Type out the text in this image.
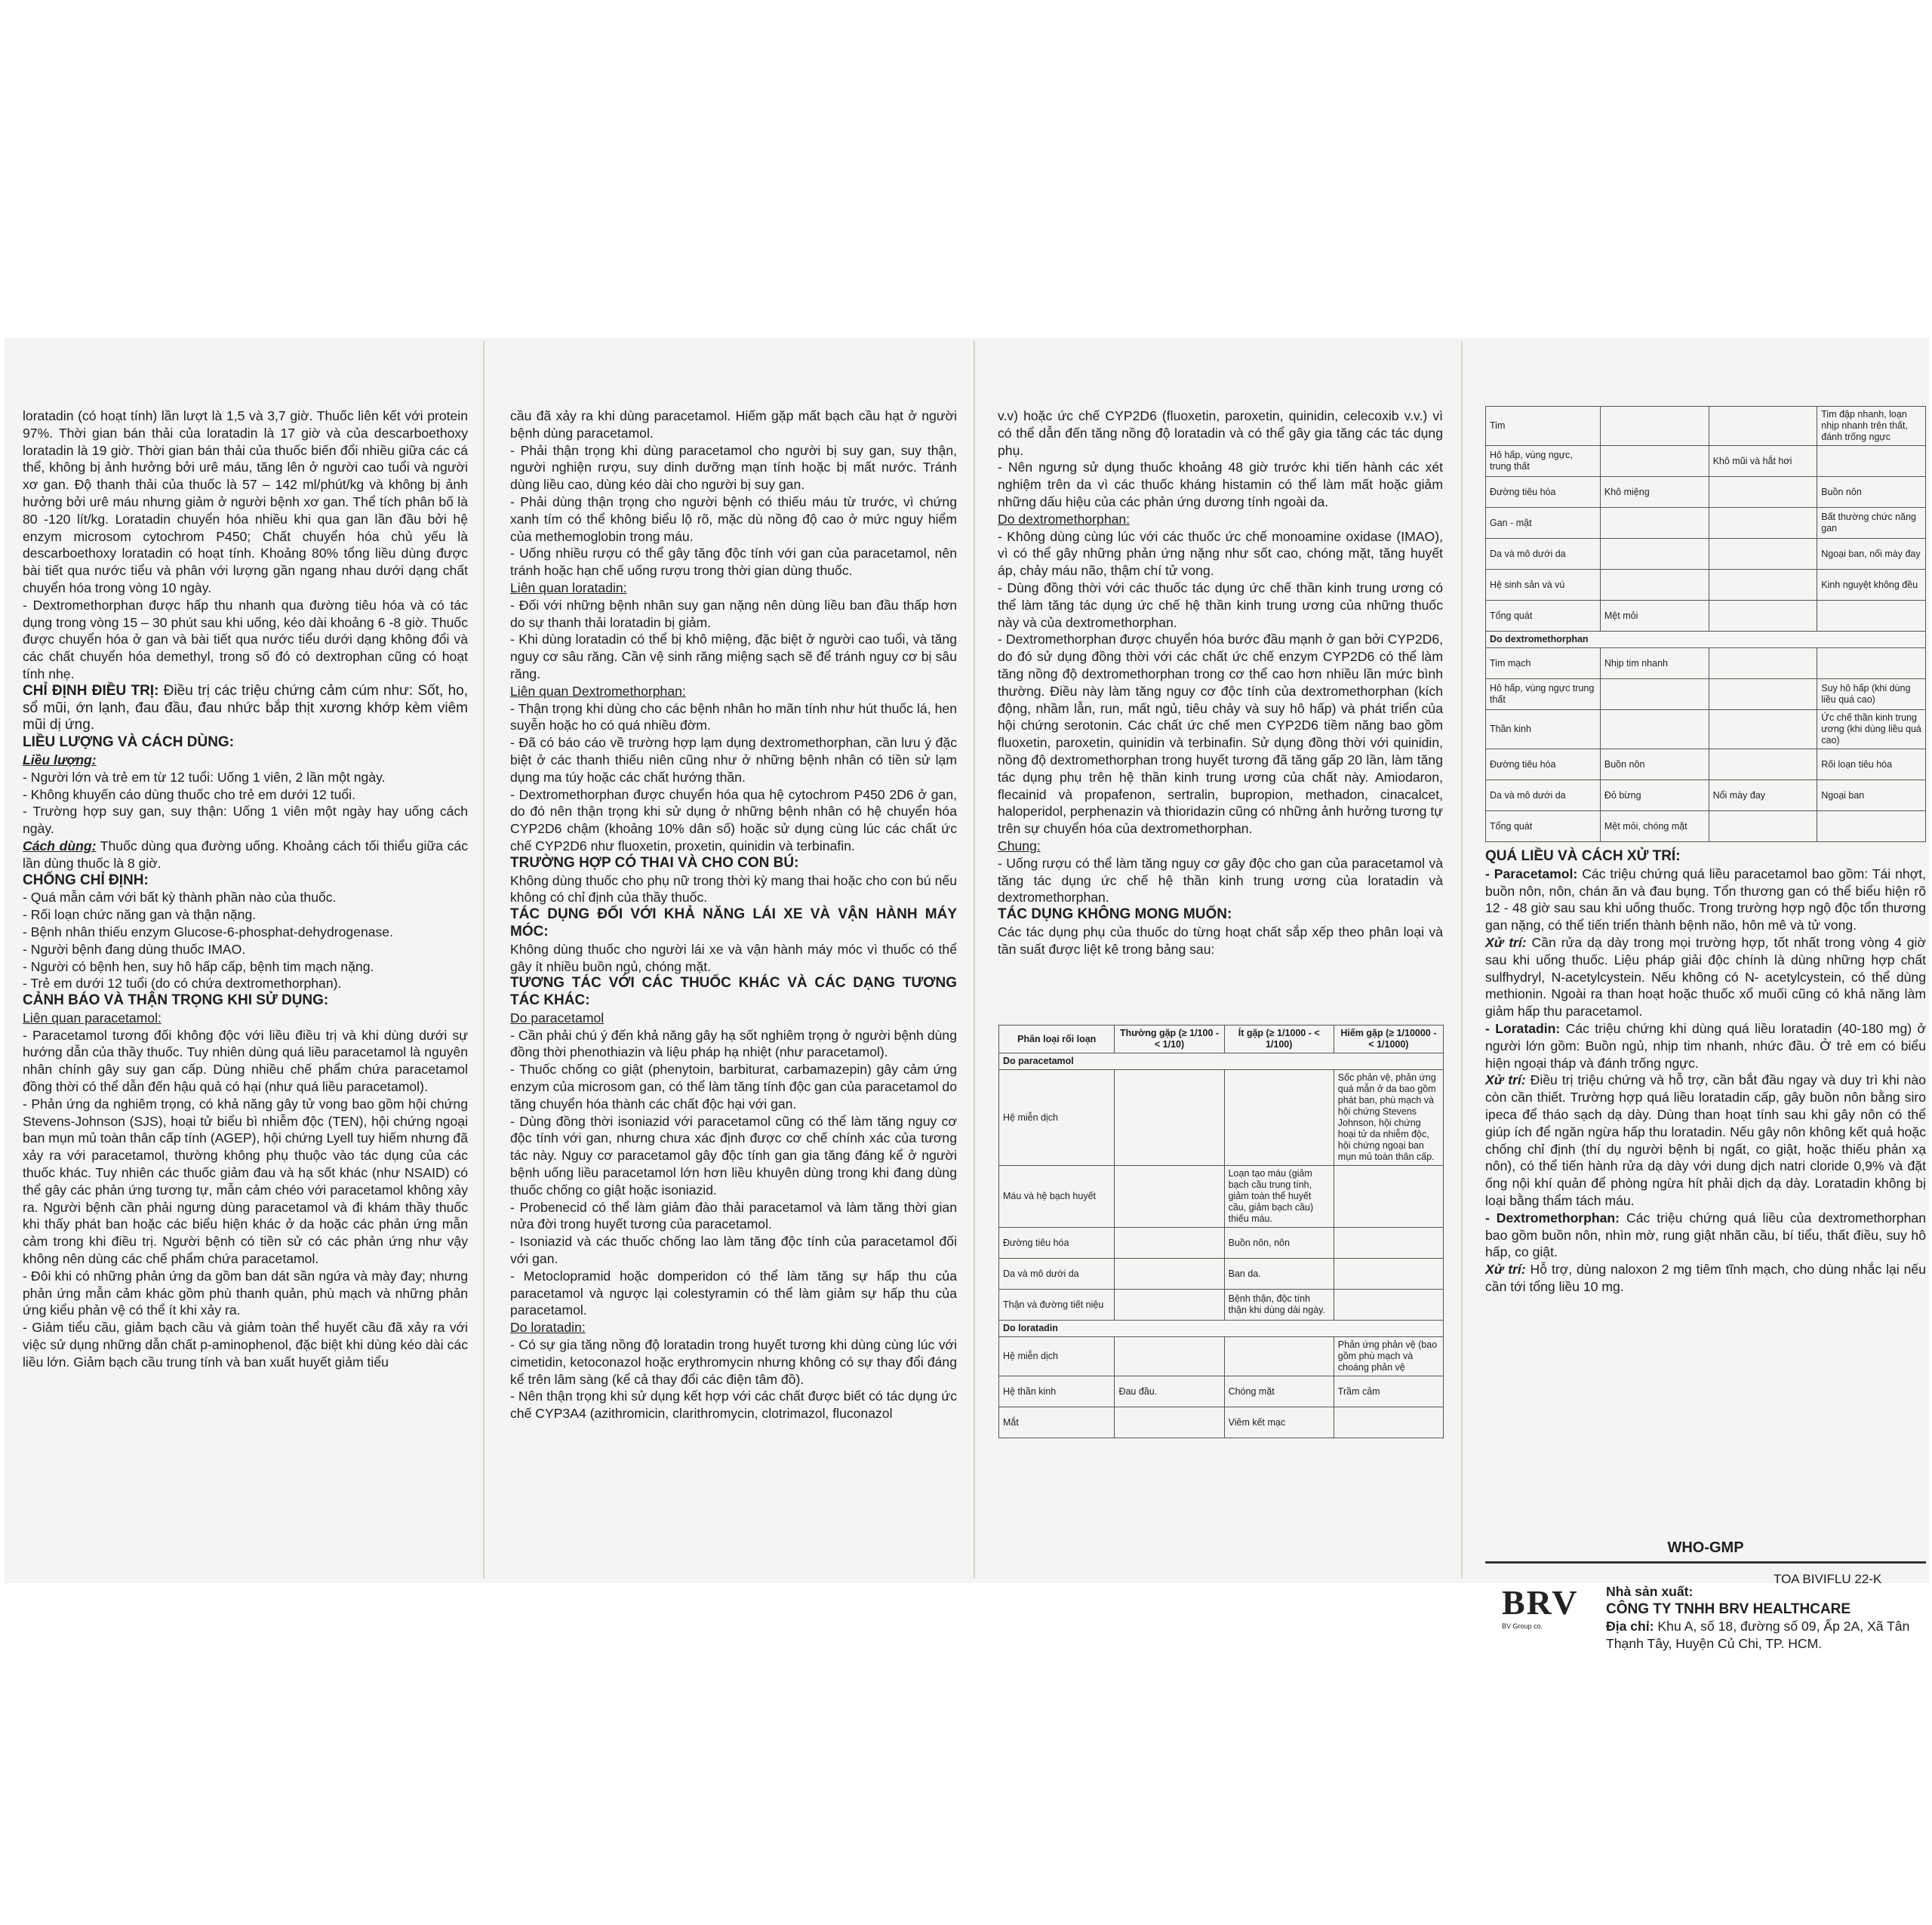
loratadin (có hoạt tính) lần lượt là 1,5 và 3,7 giờ. Thuốc liên kết với protein 97%. Thời gian bán thải của loratadin là 17 giờ và của descarboethoxy loratadin là 19 giờ. Thời gian bán thải của thuốc biến đổi nhiều giữa các cá thể, không bị ảnh hưởng bởi urê máu, tăng lên ở người cao tuổi và người xơ gan. Độ thanh thải của thuốc là 57 – 142 ml/phút/kg và không bị ảnh hưởng bởi urê máu nhưng giảm ở người bệnh xơ gan. Thể tích phân bố là 80 -120 lít/kg. Loratadin chuyển hóa nhiều khi qua gan lần đầu bởi hệ enzym microsom cytochrom P450; Chất chuyển hóa chủ yếu là descarboethoxy loratadin có hoạt tính. Khoảng 80% tổng liều dùng được bài tiết qua nước tiểu và phân với lượng gần ngang nhau dưới dạng chất chuyển hóa trong vòng 10 ngày.

- Dextromethorphan được hấp thu nhanh qua đường tiêu hóa và có tác dụng trong vòng 15 – 30 phút sau khi uống, kéo dài khoảng 6 -8 giờ. Thuốc được chuyển hóa ở gan và bài tiết qua nước tiểu dưới dạng không đổi và các chất chuyển hóa demethyl, trong số đó có dextrophan cũng có hoạt tính nhẹ.

CHỈ ĐỊNH ĐIỀU TRỊ: Điều trị các triệu chứng cảm cúm như: Sốt, ho, sổ mũi, ớn lạnh, đau đầu, đau nhức bắp thịt xương khớp kèm viêm mũi dị ứng.

LIỀU LƯỢNG VÀ CÁCH DÙNG:

Liều lượng:

- Người lớn và trẻ em từ 12 tuổi: Uống 1 viên, 2 lần một ngày.

- Không khuyến cáo dùng thuốc cho trẻ em dưới 12 tuổi.

- Trường hợp suy gan, suy thận: Uống 1 viên một ngày hay uống cách ngày.

Cách dùng: Thuốc dùng qua đường uống. Khoảng cách tối thiểu giữa các lần dùng thuốc là 8 giờ.

CHỐNG CHỈ ĐỊNH:

- Quá mẫn cảm với bất kỳ thành phần nào của thuốc.

- Rối loạn chức năng gan và thận nặng.

- Bệnh nhân thiếu enzym Glucose-6-phosphat-dehydrogenase.

- Người bệnh đang dùng thuốc IMAO.

- Người có bệnh hen, suy hô hấp cấp, bệnh tim mạch nặng.

- Trẻ em dưới 12 tuổi (do có chứa dextromethorphan).

CẢNH BÁO VÀ THẬN TRỌNG KHI SỬ DỤNG:

Liên quan paracetamol:

- Paracetamol tương đối không độc với liều điều trị và khi dùng dưới sự hướng dẫn của thầy thuốc. Tuy nhiên dùng quá liều paracetamol là nguyên nhân chính gây suy gan cấp. Dùng nhiều chế phẩm chứa paracetamol đồng thời có thể dẫn đến hậu quả có hại (như quá liều paracetamol).

- Phản ứng da nghiêm trọng, có khả năng gây tử vong bao gồm hội chứng Stevens-Johnson (SJS), hoại tử biểu bì nhiễm độc (TEN), hội chứng ngoại ban mụn mủ toàn thân cấp tính (AGEP), hội chứng Lyell tuy hiếm nhưng đã xảy ra với paracetamol, thường không phụ thuộc vào tác dụng của các thuốc khác. Tuy nhiên các thuốc giảm đau và hạ sốt khác (như NSAID) có thể gây các phản ứng tương tự, mẫn cảm chéo với paracetamol không xảy ra. Người bệnh cần phải ngưng dùng paracetamol và đi khám thầy thuốc khi thấy phát ban hoặc các biểu hiện khác ở da hoặc các phản ứng mẫn cảm trong khi điều trị. Người bệnh có tiền sử có các phản ứng như vậy không nên dùng các chế phẩm chứa paracetamol.

- Đôi khi có những phản ứng da gồm ban dát sần ngứa và mày đay; nhưng phản ứng mẫn cảm khác gồm phù thanh quản, phù mạch và những phản ứng kiểu phản vệ có thể ít khi xảy ra.

- Giảm tiểu cầu, giảm bạch cầu và giảm toàn thể huyết cầu đã xảy ra với việc sử dụng những dẫn chất p-aminophenol, đặc biệt khi dùng kéo dài các liều lớn. Giảm bạch cầu trung tính và ban xuất huyết giảm tiểu

cầu đã xảy ra khi dùng paracetamol. Hiếm gặp mất bạch cầu hạt ở người bệnh dùng paracetamol.

- Phải thận trọng khi dùng paracetamol cho người bị suy gan, suy thận, người nghiện rượu, suy dinh dưỡng mạn tính hoặc bị mất nước. Tránh dùng liều cao, dùng kéo dài cho người bị suy gan.

- Phải dùng thận trọng cho người bệnh có thiếu máu từ trước, vì chứng xanh tím có thể không biểu lộ rõ, mặc dù nồng độ cao ở mức nguy hiểm của methemoglobin trong máu.

- Uống nhiều rượu có thể gây tăng độc tính với gan của paracetamol, nên tránh hoặc hạn chế uống rượu trong thời gian dùng thuốc.

Liên quan loratadin:

- Đối với những bệnh nhân suy gan nặng nên dùng liều ban đầu thấp hơn do sự thanh thải loratadin bị giảm.

- Khi dùng loratadin có thể bị khô miệng, đặc biệt ở người cao tuổi, và tăng nguy cơ sâu răng. Cần vệ sinh răng miệng sạch sẽ để tránh nguy cơ bị sâu răng.

Liên quan Dextromethorphan:

- Thận trọng khi dùng cho các bệnh nhân ho mãn tính như hút thuốc lá, hen suyễn hoặc ho có quá nhiều đờm.

- Đã có báo cáo về trường hợp lạm dụng dextromethorphan, cần lưu ý đặc biệt ở các thanh thiếu niên cũng như ở những bệnh nhân có tiền sử lạm dụng ma túy hoặc các chất hướng thần.

- Dextromethorphan được chuyển hóa qua hệ cytochrom P450 2D6 ở gan, do đó nên thận trọng khi sử dụng ở những bệnh nhân có hệ chuyển hóa CYP2D6 chậm (khoảng 10% dân số) hoặc sử dụng cùng lúc các chất ức chế CYP2D6 như fluoxetin, proxetin, quinidin và terbinafin.

TRƯỜNG HỢP CÓ THAI VÀ CHO CON BÚ:

Không dùng thuốc cho phụ nữ trong thời kỳ mang thai hoặc cho con bú nếu không có chỉ định của thầy thuốc.

TÁC DỤNG ĐỐI VỚI KHẢ NĂNG LÁI XE VÀ VẬN HÀNH MÁY MÓC:

Không dùng thuốc cho người lái xe và vận hành máy móc vì thuốc có thể gây ít nhiều buồn ngủ, chóng mặt.

TƯƠNG TÁC VỚI CÁC THUỐC KHÁC VÀ CÁC DẠNG TƯƠNG TÁC KHÁC:

Do paracetamol

- Cần phải chú ý đến khả năng gây hạ sốt nghiêm trọng ở người bệnh dùng đồng thời phenothiazin và liệu pháp hạ nhiệt (như paracetamol).

- Thuốc chống co giật (phenytoin, barbiturat, carbamazepin) gây cảm ứng enzym của microsom gan, có thể làm tăng tính độc gan của paracetamol do tăng chuyển hóa thành các chất độc hại với gan.

- Dùng đồng thời isoniazid với paracetamol cũng có thể làm tăng nguy cơ độc tính với gan, nhưng chưa xác định được cơ chế chính xác của tương tác này. Nguy cơ paracetamol gây độc tính gan gia tăng đáng kể ở người bệnh uống liều paracetamol lớn hơn liều khuyên dùng trong khi đang dùng thuốc chống co giật hoặc isoniazid.

- Probenecid có thể làm giảm đào thải paracetamol và làm tăng thời gian nửa đời trong huyết tương của paracetamol.

- Isoniazid và các thuốc chống lao làm tăng độc tính của paracetamol đối với gan.

- Metoclopramid hoặc domperidon có thể làm tăng sự hấp thu của paracetamol và ngược lại colestyramin có thể làm giảm sự hấp thu của paracetamol.

Do loratadin:

- Có sự gia tăng nồng độ loratadin trong huyết tương khi dùng cùng lúc với cimetidin, ketoconazol hoặc erythromycin nhưng không có sự thay đổi đáng kể trên lâm sàng (kể cả thay đổi các điện tâm đồ).

- Nên thận trọng khi sử dụng kết hợp với các chất được biết có tác dụng ức chế CYP3A4 (azithromicin, clarithromycin, clotrimazol, fluconazol

v.v) hoặc ức chế CYP2D6 (fluoxetin, paroxetin, quinidin, celecoxib v.v.) vì có thể dẫn đến tăng nồng độ loratadin và có thể gây gia tăng các tác dụng phụ.

- Nên ngưng sử dụng thuốc khoảng 48 giờ trước khi tiến hành các xét nghiệm trên da vì các thuốc kháng histamin có thể làm mất hoặc giảm những dấu hiệu của các phản ứng dương tính ngoài da.

Do dextromethorphan:

- Không dùng cùng lúc với các thuốc ức chế monoamine oxidase (IMAO), vì có thể gây những phản ứng nặng như sốt cao, chóng mặt, tăng huyết áp, chảy máu não, thậm chí tử vong.

- Dùng đồng thời với các thuốc tác dụng ức chế thần kinh trung ương có thể làm tăng tác dụng ức chế hệ thần kinh trung ương của những thuốc này và của dextromethorphan.

- Dextromethorphan được chuyển hóa bước đầu mạnh ở gan bởi CYP2D6, do đó sử dụng đồng thời với các chất ức chế enzym CYP2D6 có thể làm tăng nồng độ dextromethorphan trong cơ thể cao hơn nhiều lần mức bình thường. Điều này làm tăng nguy cơ độc tính của dextromethorphan (kích động, nhầm lẫn, run, mất ngủ, tiêu chảy và suy hô hấp) và phát triển của hội chứng serotonin. Các chất ức chế men CYP2D6 tiềm năng bao gồm fluoxetin, paroxetin, quinidin và terbinafin. Sử dụng đồng thời với quinidin, nồng độ dextromethorphan trong huyết tương đã tăng gấp 20 lần, làm tăng tác dụng phụ trên hệ thần kinh trung ương của chất này. Amiodaron, flecainid và propafenon, sertralin, bupropion, methadon, cinacalcet, haloperidol, perphenazin và thioridazin cũng có những ảnh hưởng tương tự trên sự chuyển hóa của dextromethorphan.

Chung:

- Uống rượu có thể làm tăng nguy cơ gây độc cho gan của paracetamol và tăng tác dụng ức chế hệ thần kinh trung ương của loratadin và dextromethorphan.

TÁC DỤNG KHÔNG MONG MUỐN:

Các tác dụng phụ của thuốc do từng hoạt chất sắp xếp theo phân loại và tần suất được liệt kê trong bảng sau:

Phân loại rối loạn	Thường gặp (≥ 1/100 - < 1/10)	Ít gặp (≥ 1/1000 - < 1/100)	Hiếm gặp (≥ 1/10000 - < 1/1000)
Do paracetamol			
Hệ miễn dịch			Sốc phản vệ, phản ứng quá mẫn ở da bao gồm phát ban, phù mạch và hội chứng Stevens Johnson, hội chứng hoại tử da nhiễm độc, hội chứng ngoại ban mụn mủ toàn thân cấp.
Máu và hệ bạch huyết		Loạn tạo máu (giảm bạch cầu trung tính, giảm toàn thể huyết cầu, giảm bạch cầu) thiếu máu.	
Đường tiêu hóa		Buồn nôn, nôn	
Da và mô dưới da		Ban da.	
Thận và đường tiết niệu		Bệnh thận, độc tính thận khi dùng dài ngày.	
Do loratadin			
Hệ miễn dịch			Phản ứng phản vệ (bao gồm phù mạch và choáng phản vệ
Hệ thần kinh	Đau đầu.	Chóng mặt	Trầm cảm
Mắt		Viêm kết mạc	
Tim			Tim đập nhanh, loạn nhịp nhanh trên thất, đánh trống ngực
Hô hấp, vùng ngực, trung thất		Khô mũi và hắt hơi	
Đường tiêu hóa	Khô miệng		Buồn nôn
Gan - mật			Bất thường chức năng gan
Da và mô dưới da			Ngoại ban, nổi mày đay
Hệ sinh sản và vú			Kinh nguyệt không đều
Tổng quát	Mệt mỏi		
Do dextromethorphan			
Tim mạch	Nhịp tim nhanh		
Hô hấp, vùng ngực trung thất			Suy hô hấp (khi dùng liều quá cao)
Thần kinh			Ức chế thần kinh trung ương (khi dùng liều quá cao)
Đường tiêu hóa	Buồn nôn		Rối loạn tiêu hóa
Da và mô dưới da	Đỏ bừng	Nổi mày đay	Ngoại ban
Tổng quát	Mệt mỏi, chóng mặt		

QUÁ LIỀU VÀ CÁCH XỬ TRÍ:

- Paracetamol: Các triệu chứng quá liều paracetamol bao gồm: Tái nhợt, buồn nôn, nôn, chán ăn và đau bụng. Tổn thương gan có thể biểu hiện rõ 12 - 48 giờ sau sau khi uống thuốc. Trong trường hợp ngộ độc tổn thương gan nặng, có thể tiến triển thành bệnh não, hôn mê và tử vong.

Xử trí: Cần rửa dạ dày trong mọi trường hợp, tốt nhất trong vòng 4 giờ sau khi uống thuốc. Liệu pháp giải độc chính là dùng những hợp chất sulfhydryl, N-acetylcystein. Nếu không có N- acetylcystein, có thể dùng methionin. Ngoài ra than hoạt hoặc thuốc xổ muối cũng có khả năng làm giảm hấp thu paracetamol.

- Loratadin: Các triệu chứng khi dùng quá liều loratadin (40-180 mg) ở người lớn gồm: Buồn ngủ, nhịp tim nhanh, nhức đầu. Ở trẻ em có biểu hiện ngoại tháp và đánh trống ngực.

Xử trí: Điều trị triệu chứng và hỗ trợ, cần bắt đầu ngay và duy trì khi nào còn cần thiết. Trường hợp quá liều loratadin cấp, gây buồn nôn bằng siro ipeca để tháo sạch dạ dày. Dùng than hoạt tính sau khi gây nôn có thể giúp ích để ngăn ngừa hấp thu loratadin. Nếu gây nôn không kết quả hoặc chống chỉ định (thí dụ người bệnh bị ngất, co giật, hoặc thiếu phản xạ nôn), có thể tiến hành rửa dạ dày với dung dịch natri cloride 0,9% và đặt ống nội khí quản để phòng ngừa hít phải dịch dạ dày. Loratadin không bị loại bằng thẩm tách máu.

- Dextromethorphan: Các triệu chứng quá liều của dextromethorphan bao gồm buồn nôn, nhìn mờ, rung giật nhãn cầu, bí tiểu, thất điều, suy hô hấp, co giật.

Xử trí: Hỗ trợ, dùng naloxon 2 mg tiêm tĩnh mạch, cho dùng nhắc lại nếu cần tới tổng liều 10 mg.

WHO-GMP
TOA BIVIFLU 22-K
BRV
BV Group co.
Nhà sản xuất:
CÔNG TY TNHH BRV HEALTHCARE
Địa chỉ: Khu A, số 18, đường số 09, Ấp 2A, Xã Tân Thạnh Tây, Huyện Củ Chi, TP. HCM.
